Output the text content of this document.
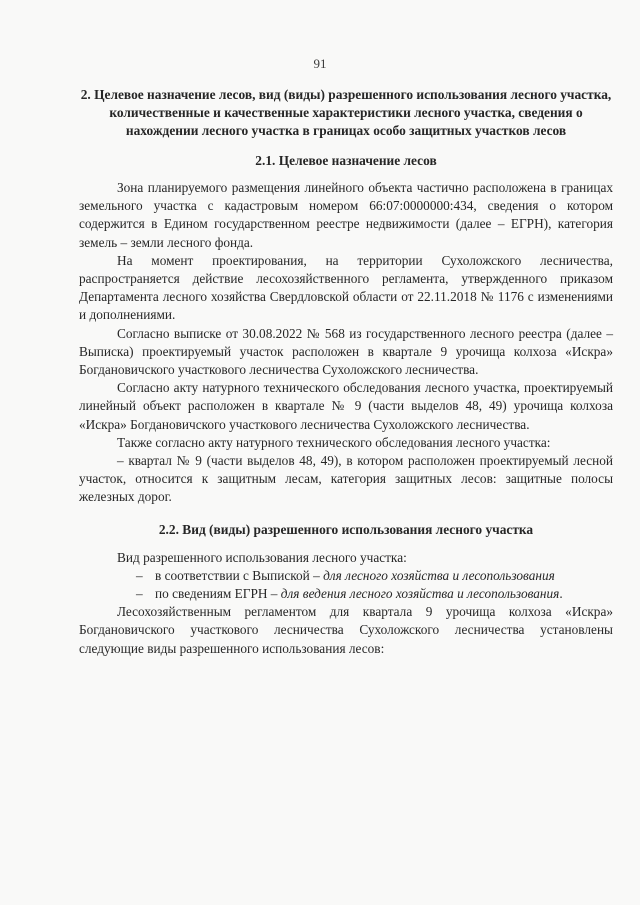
91

2. Целевое назначение лесов, вид (виды) разрешенного использования лесного участка, количественные и качественные характеристики лесного участка, сведения о нахождении лесного участка в границах особо защитных участков лесов

2.1. Целевое назначение лесов

Зона планируемого размещения линейного объекта частично расположена в границах земельного участка с кадастровым номером 66:07:0000000:434, сведения о котором содержится в Едином государственном реестре недвижимости (далее – ЕГРН), категория земель – земли лесного фонда.

На момент проектирования, на территории Сухоложского лесничества, распространяется действие лесохозяйственного регламента, утвержденного приказом Департамента лесного хозяйства Свердловской области от 22.11.2018 № 1176 с изменениями и дополнениями.

Согласно выписке от 30.08.2022 № 568 из государственного лесного реестра (далее – Выписка) проектируемый участок расположен в квартале 9 урочища колхоза «Искра» Богдановичского участкового лесничества Сухоложского лесничества.

Согласно акту натурного технического обследования лесного участка, проектируемый линейный объект расположен в квартале № 9 (части выделов 48, 49) урочища колхоза «Искра» Богдановичского участкового лесничества Сухоложского лесничества.

Также согласно акту натурного технического обследования лесного участка:

– квартал № 9 (части выделов 48, 49), в котором расположен проектируемый лесной участок, относится к защитным лесам, категория защитных лесов: защитные полосы железных дорог.

2.2. Вид (виды) разрешенного использования лесного участка

Вид разрешенного использования лесного участка:

– в соответствии с Выпиской – для лесного хозяйства и лесопользования

– по сведениям ЕГРН – для ведения лесного хозяйства и лесопользования.

Лесохозяйственным регламентом для квартала 9 урочища колхоза «Искра» Богдановичского участкового лесничества Сухоложского лесничества установлены следующие виды разрешенного использования лесов:
